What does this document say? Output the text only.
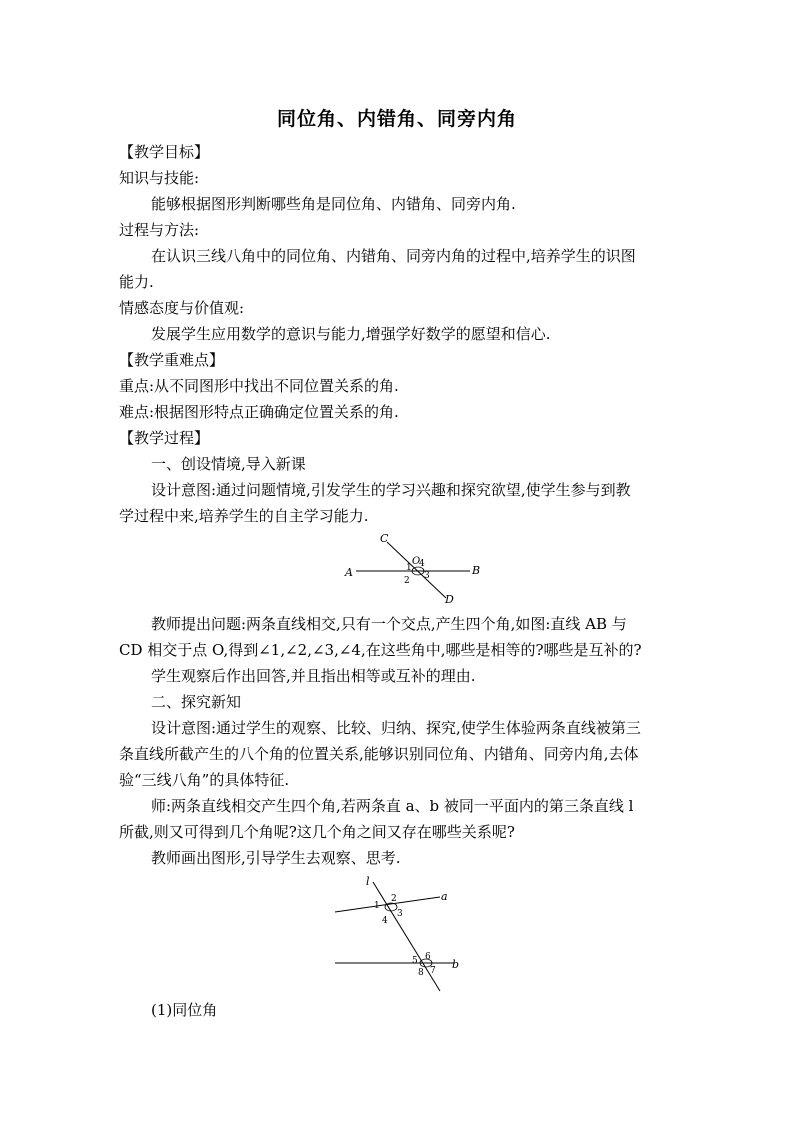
同位角、内错角、同旁内角
【教学目标】
知识与技能:
能够根据图形判断哪些角是同位角、内错角、同旁内角.
过程与方法:
在认识三线八角中的同位角、内错角、同旁内角的过程中,培养学生的识图
能力.
情感态度与价值观:
发展学生应用数学的意识与能力,增强学好数学的愿望和信心.
【教学重难点】
重点:从不同图形中找出不同位置关系的角.
难点:根据图形特点正确确定位置关系的角.
【教学过程】
一、创设情境,导入新课
设计意图:通过问题情境,引发学生的学习兴趣和探究欲望,使学生参与到教
学过程中来,培养学生的自主学习能力.
A	B
C
D
O
1
2 3
4
教师提出问题:两条直线相交,只有一个交点,产生四个角,如图:直线 AB 与
CD 相交于点 O,得到∠1,∠2,∠3,∠4,在这些角中,哪些是相等的?哪些是互补的?
学生观察后作出回答,并且指出相等或互补的理由.
二、探究新知
设计意图:通过学生的观察、比较、归纳、探究,使学生体验两条直线被第三
条直线所截产生的八个角的位置关系,能够识别同位角、内错角、同旁内角,去体
验“三线八角”的具体特征.
师:两条直线相交产生四个角,若两条直 a、b 被同一平面内的第三条直线 l
所截,则又可得到几个角呢?这几个角之间又存在哪些关系呢?
教师画出图形,引导学生去观察、思考.
l
a
b
2
1
3
4
6
5
7
8
(1)同位角
